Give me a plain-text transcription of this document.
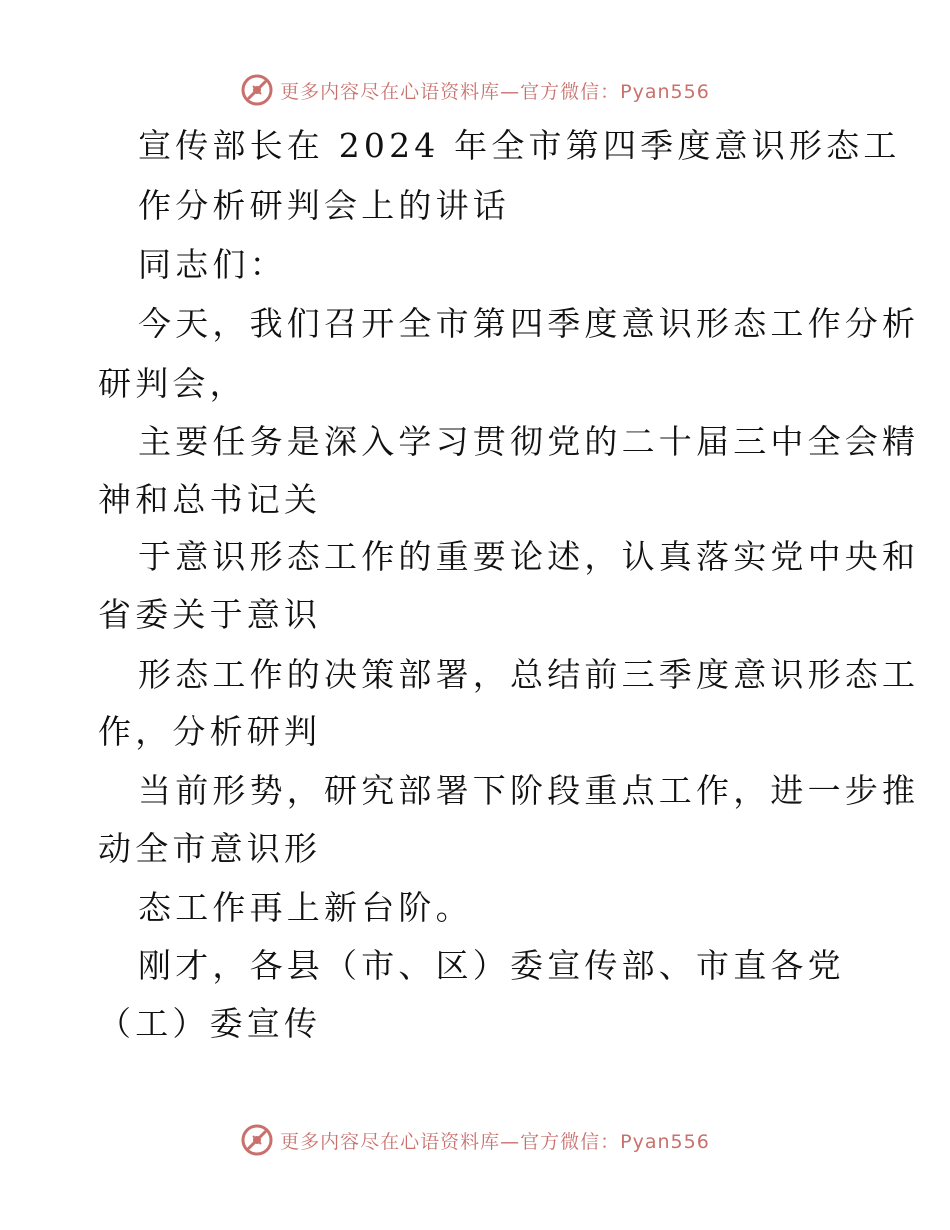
更多内容尽在心语资料库—官方微信：Pyan556
宣传部长在 2024 年全市第四季度意识形态工
作分析研判会上的讲话
同志们：
今天，我们召开全市第四季度意识形态工作分析
研判会，
主要任务是深入学习贯彻党的二十届三中全会精
神和总书记关
于意识形态工作的重要论述，认真落实党中央和
省委关于意识
形态工作的决策部署，总结前三季度意识形态工
作，分析研判
当前形势，研究部署下阶段重点工作，进一步推
动全市意识形
态工作再上新台阶。
刚才，各县（市、区）委宣传部、市直各党
（工）委宣传
更多内容尽在心语资料库—官方微信：Pyan556
